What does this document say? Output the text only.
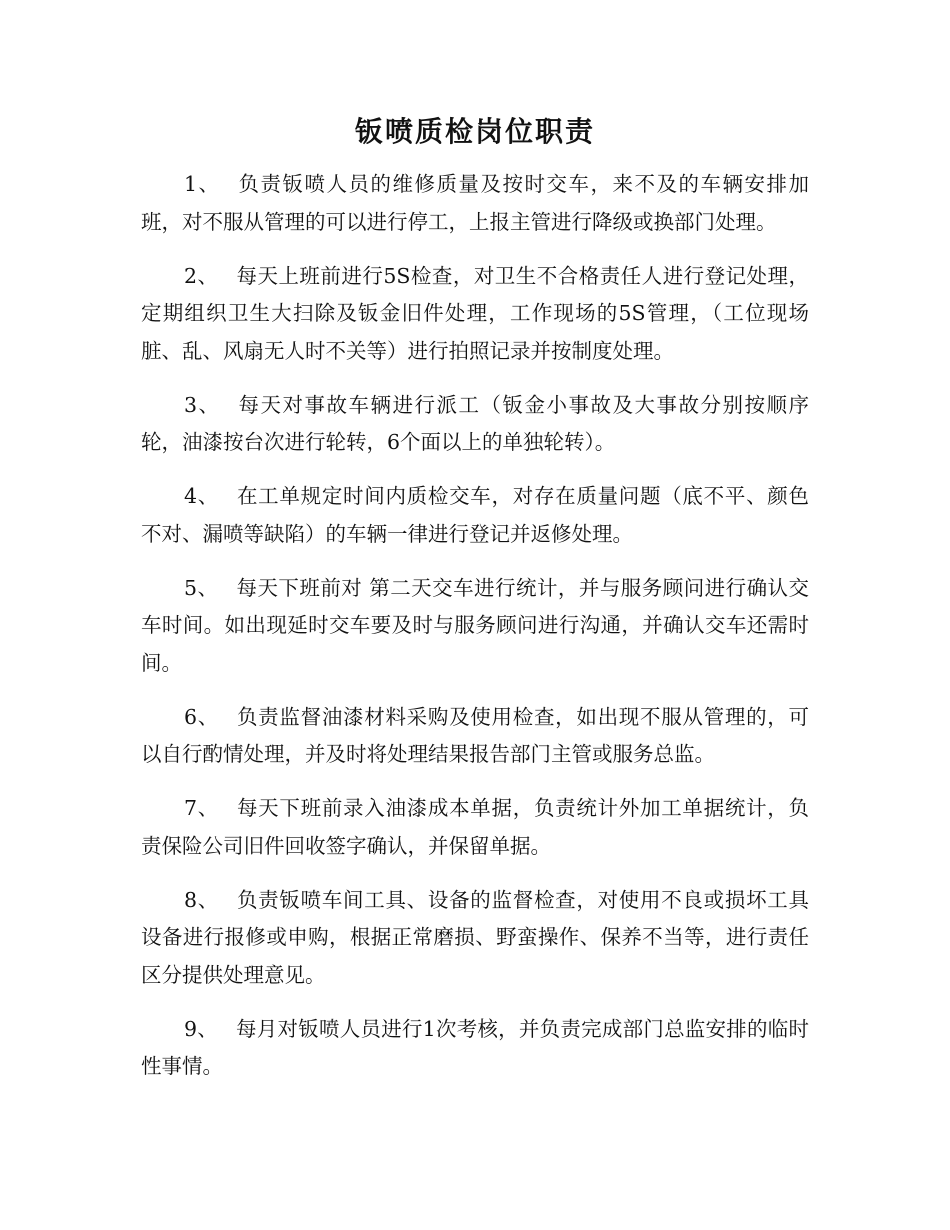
钣喷质检岗位职责

1、 负责钣喷人员的维修质量及按时交车，来不及的车辆安排加班，对不服从管理的可以进行停工，上报主管进行降级或换部门处理。

2、 每天上班前进行5S检查，对卫生不合格责任人进行登记处理，定期组织卫生大扫除及钣金旧件处理，工作现场的5S管理，（工位现场脏、乱、风扇无人时不关等）进行拍照记录并按制度处理。

3、 每天对事故车辆进行派工（钣金小事故及大事故分别按顺序轮，油漆按台次进行轮转，6个面以上的单独轮转）。

4、 在工单规定时间内质检交车，对存在质量问题（底不平、颜色不对、漏喷等缺陷）的车辆一律进行登记并返修处理。

5、 每天下班前对 第二天交车进行统计，并与服务顾问进行确认交车时间。如出现延时交车要及时与服务顾问进行沟通，并确认交车还需时间。

6、 负责监督油漆材料采购及使用检查，如出现不服从管理的，可以自行酌情处理，并及时将处理结果报告部门主管或服务总监。

7、 每天下班前录入油漆成本单据，负责统计外加工单据统计，负责保险公司旧件回收签字确认，并保留单据。

8、 负责钣喷车间工具、设备的监督检查，对使用不良或损坏工具设备进行报修或申购，根据正常磨损、野蛮操作、保养不当等，进行责任区分提供处理意见。

9、 每月对钣喷人员进行1次考核，并负责完成部门总监安排的临时性事情。
